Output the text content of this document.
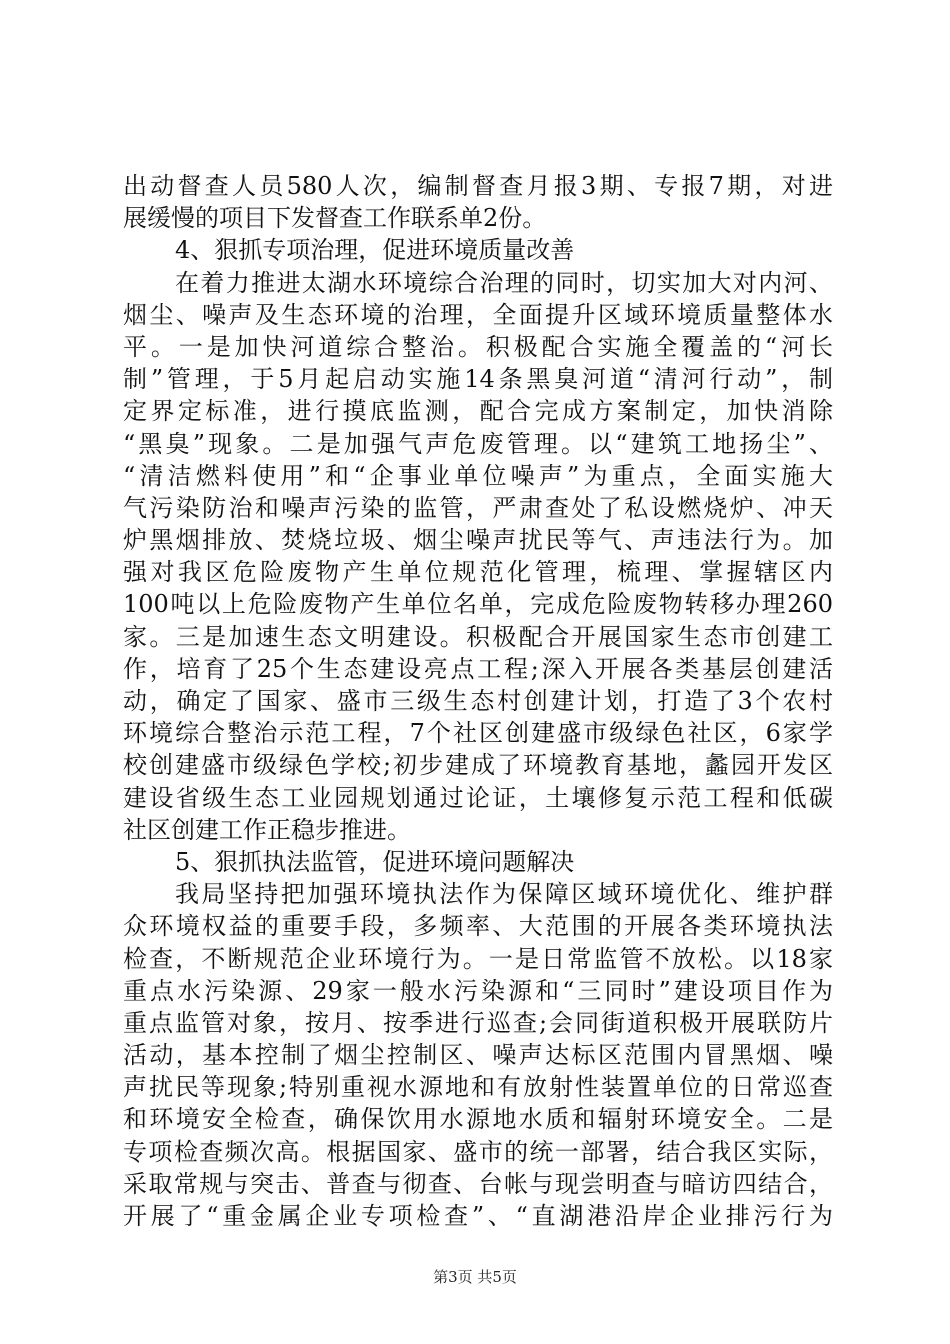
出动督查人员580人次，编制督查月报3期、专报7期，对进
展缓慢的项目下发督查工作联系单2份。
4、狠抓专项治理，促进环境质量改善
在着力推进太湖水环境综合治理的同时，切实加大对内河、
烟尘、噪声及生态环境的治理，全面提升区域环境质量整体水
平。一是加快河道综合整治。积极配合实施全覆盖的“河长
制”管理，于5月起启动实施14条黑臭河道“清河行动”，制
定界定标准，进行摸底监测，配合完成方案制定，加快消除
“黑臭”现象。二是加强气声危废管理。以“建筑工地扬尘”、
“清洁燃料使用”和“企事业单位噪声”为重点，全面实施大
气污染防治和噪声污染的监管，严肃查处了私设燃烧炉、冲天
炉黑烟排放、焚烧垃圾、烟尘噪声扰民等气、声违法行为。加
强对我区危险废物产生单位规范化管理，梳理、掌握辖区内
100吨以上危险废物产生单位名单，完成危险废物转移办理260
家。三是加速生态文明建设。积极配合开展国家生态市创建工
作，培育了25个生态建设亮点工程;深入开展各类基层创建活
动，确定了国家、盛市三级生态村创建计划，打造了3个农村
环境综合整治示范工程，7个社区创建盛市级绿色社区，6家学
校创建盛市级绿色学校;初步建成了环境教育基地，蠡园开发区
建设省级生态工业园规划通过论证，土壤修复示范工程和低碳
社区创建工作正稳步推进。
5、狠抓执法监管，促进环境问题解决
我局坚持把加强环境执法作为保障区域环境优化、维护群
众环境权益的重要手段，多频率、大范围的开展各类环境执法
检查，不断规范企业环境行为。一是日常监管不放松。以18家
重点水污染源、29家一般水污染源和“三同时”建设项目作为
重点监管对象，按月、按季进行巡查;会同街道积极开展联防片
活动，基本控制了烟尘控制区、噪声达标区范围内冒黑烟、噪
声扰民等现象;特别重视水源地和有放射性装置单位的日常巡查
和环境安全检查，确保饮用水源地水质和辐射环境安全。二是
专项检查频次高。根据国家、盛市的统一部署，结合我区实际，
采取常规与突击、普查与彻查、台帐与现尝明查与暗访四结合，
开展了“重金属企业专项检查”、“直湖港沿岸企业排污行为
第3页 共5页
